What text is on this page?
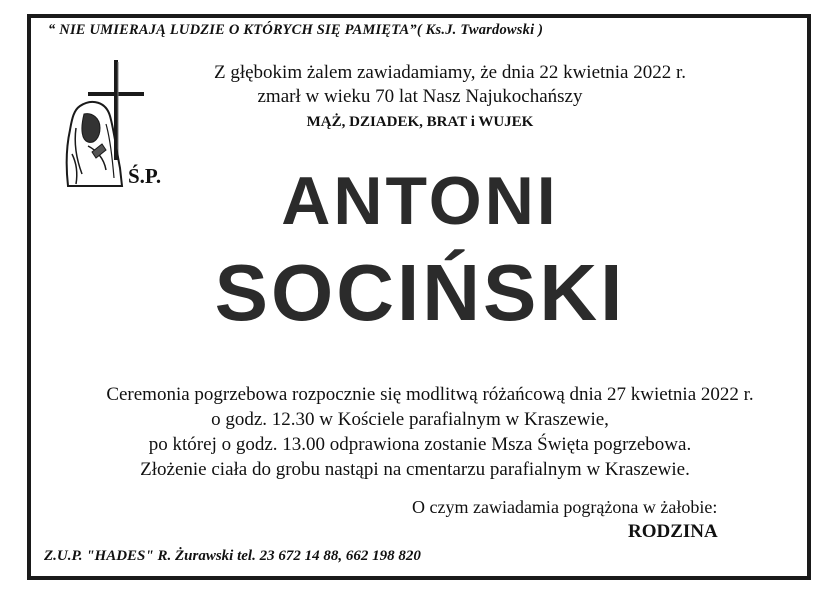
“ NIE UMIERAJĄ LUDZIE O KTÓRYCH SIĘ PAMIĘTA”( Ks.J. Twardowski )
Z głębokim żalem zawiadamiamy, że dnia 22 kwietnia 2022 r.
zmarł w wieku 70 lat Nasz Najukochańszy
MĄŻ, DZIADEK, BRAT i WUJEK
Ś.P.	ANTONI
SOCIŃSKI
Ceremonia pogrzebowa rozpocznie się modlitwą różańcową dnia 27 kwietnia 2022 r.
o godz. 12.30 w Kościele parafialnym w Kraszewie,
po której o godz. 13.00 odprawiona zostanie Msza Święta pogrzebowa.
Złożenie ciała do grobu nastąpi na cmentarzu parafialnym w Kraszewie.
O czym zawiadamia pogrążona w żałobie:
RODZINA
Z.U.P. "HADES" R. Żurawski tel. 23 672 14 88, 662 198 820
